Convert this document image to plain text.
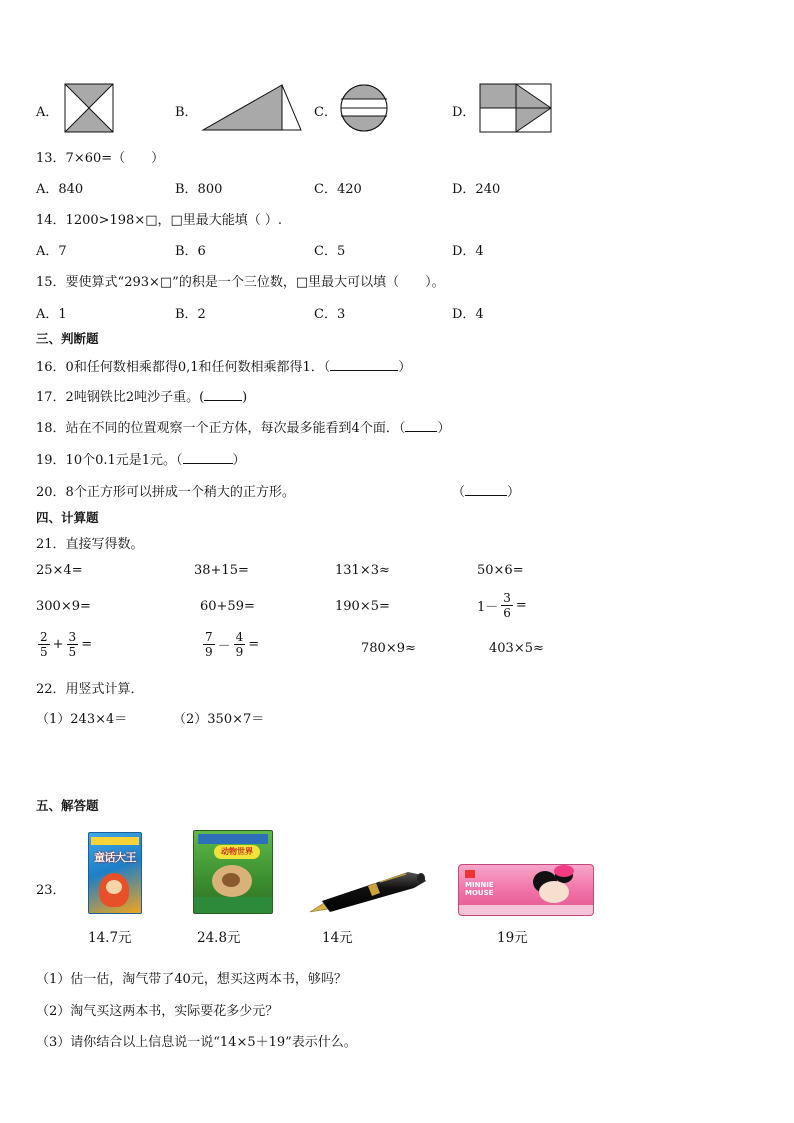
A．	B．	C．	D．
13．7×60=（　　）
A．840	B．800	C．420	D．240
14．1200>198×□，□里最大能填（ ）.
A．7	B．6	C．5	D．4
15．要使算式“293×□”的积是一个三位数，□里最大可以填（　　）。
A．1	B．2	C．3	D．4
三、判断题
16．0和任何数相乘都得0,1和任何数相乘都得1．（	）
17．2吨钢铁比2吨沙子重。(	)
18．站在不同的位置观察一个正方体，每次最多能看到4个面．（ ）
19．10个0.1元是1元。（	）
20．8个正方形可以拼成一个稍大的正方形。	（	）
四、计算题
21．直接写得数。
25×4=	38+15=	131×3≈	50×6=
300×9=	60+59=	190×5=	$1- \frac{3}{6}$ =
$\frac{2}{5} + \frac{3}{5}$ =	$\frac{7}{9} - \frac{4}{9}$ =	780×9≈	403×5≈
22．用竖式计算．
（1）243×4＝	（2）350×7＝
五、解答题
23．
童话大王
14.7元
动物世界
24.8元	14元
MINNIE MOUSE
19元
（1）估一估，淘气带了40元，想买这两本书，够吗？
（2）淘气买这两本书，实际要花多少元？
（3）请你结合以上信息说一说“14×5＋19”表示什么。
